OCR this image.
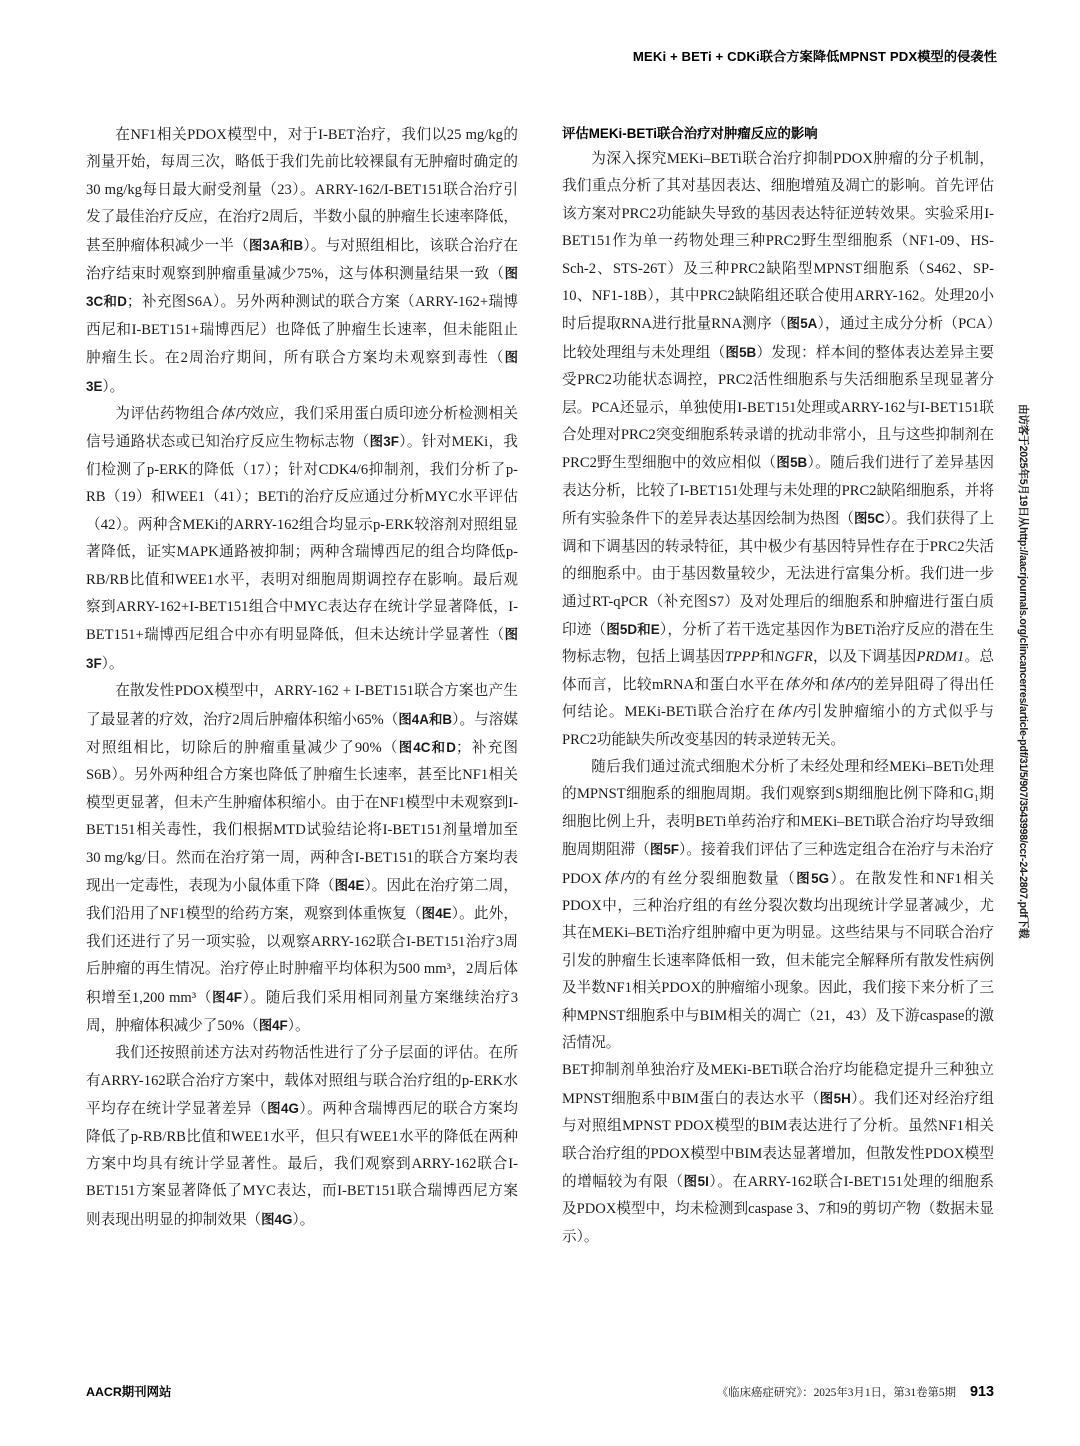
MEKi + BETi + CDKi联合方案降低MPNST PDX模型的侵袭性

在NF1相关PDOX模型中，对于I-BET治疗，我们以25 mg/kg的剂量开始，每周三次，略低于我们先前比较裸鼠有无肿瘤时确定的 30 mg/kg每日最大耐受剂量（23）。ARRY-162/I-BET151联合治疗引发了最佳治疗反应，在治疗2周后，半数小鼠的肿瘤生长速率降低，甚至肿瘤体积减少一半（图3A和B）。与对照组相比，该联合治疗在治疗结束时观察到肿瘤重量减少75%，这与体积测量结果一致（图3C和D；补充图S6A）。另外两种测试的联合方案（ARRY-162+瑞博西尼和I-BET151+瑞博西尼）也降低了肿瘤生长速率，但未能阻止肿瘤生长。在2周治疗期间，所有联合方案均未观察到毒性（图3E）。

为评估药物组合体内效应，我们采用蛋白质印迹分析检测相关信号通路状态或已知治疗反应生物标志物（图3F）。针对MEKi，我们检测了p-ERK的降低（17）；针对CDK4/6抑制剂，我们分析了p-RB（19）和WEE1（41）；BETi的治疗反应通过分析MYC水平评估（42）。两种含MEKi的ARRY-162组合均显示p-ERK较溶剂对照组显著降低，证实MAPK通路被抑制；两种含瑞博西尼的组合均降低p-RB/RB比值和WEE1水平，表明对细胞周期调控存在影响。最后观察到ARRY-162+I-BET151组合中MYC表达存在统计学显著降低，I-BET151+瑞博西尼组合中亦有明显降低，但未达统计学显著性（图3F）。

在散发性PDOX模型中，ARRY-162 + I-BET151联合方案也产生了最显著的疗效，治疗2周后肿瘤体积缩小65%（图4A和B）。与溶媒对照组相比，切除后的肿瘤重量减少了90%（图4C和D；补充图S6B）。另外两种组合方案也降低了肿瘤生长速率，甚至比NF1相关模型更显著，但未产生肿瘤体积缩小。由于在NF1模型中未观察到I-BET151相关毒性，我们根据MTD试验结论将I-BET151剂量增加至30 mg/kg/日。然而在治疗第一周，两种含I-BET151的联合方案均表现出一定毒性，表现为小鼠体重下降（图4E）。因此在治疗第二周，我们沿用了NF1模型的给药方案，观察到体重恢复（图4E）。此外，我们还进行了另一项实验，以观察ARRY-162联合I-BET151治疗3周后肿瘤的再生情况。治疗停止时肿瘤平均体积为500 mm³，2周后体积增至1,200 mm³（图4F）。随后我们采用相同剂量方案继续治疗3周，肿瘤体积减少了50%（图4F）。

我们还按照前述方法对药物活性进行了分子层面的评估。在所有ARRY-162联合治疗方案中，载体对照组与联合治疗组的p-ERK水平均存在统计学显著差异（图4G）。两种含瑞博西尼的联合方案均降低了p-RB/RB比值和WEE1水平，但只有WEE1水平的降低在两种方案中均具有统计学显著性。最后，我们观察到ARRY-162联合I-BET151方案显著降低了MYC表达，而I-BET151联合瑞博西尼方案则表现出明显的抑制效果（图4G）。

评估MEKi-BETi联合治疗对肿瘤反应的影响

为深入探究MEKi–BETi联合治疗抑制PDOX肿瘤的分子机制，我们重点分析了其对基因表达、细胞增殖及凋亡的影响。首先评估该方案对PRC2功能缺失导致的基因表达特征逆转效果。实验采用I-BET151作为单一药物处理三种PRC2野生型细胞系（NF1-09、HS-Sch-2、STS-26T）及三种PRC2缺陷型MPNST细胞系（S462、SP-10、NF1-18B），其中PRC2缺陷组还联合使用ARRY-162。处理20小时后提取RNA进行批量RNA测序（图5A），通过主成分分析（PCA）比较处理组与未处理组（图5B）发现：样本间的整体表达差异主要受PRC2功能状态调控，PRC2活性细胞系与失活细胞系呈现显著分层。PCA还显示，单独使用I-BET151处理或ARRY-162与I-BET151联合处理对PRC2突变细胞系转录谱的扰动非常小，且与这些抑制剂在PRC2野生型细胞中的效应相似（图5B）。随后我们进行了差异基因表达分析，比较了I-BET151处理与未处理的PRC2缺陷细胞系，并将所有实验条件下的差异表达基因绘制为热图（图5C）。我们获得了上调和下调基因的转录特征，其中极少有基因特异性存在于PRC2失活的细胞系中。由于基因数量较少，无法进行富集分析。我们进一步通过RT-qPCR（补充图S7）及对处理后的细胞系和肿瘤进行蛋白质印迹（图5D和E），分析了若干选定基因作为BETi治疗反应的潜在生物标志物，包括上调基因TPPP和NGFR，以及下调基因PRDM1。总体而言，比较mRNA和蛋白水平在体外和体内的差异阻碍了得出任何结论。MEKi-BETi联合治疗在体内引发肿瘤缩小的方式似乎与PRC2功能缺失所改变基因的转录逆转无关。

随后我们通过流式细胞术分析了未经处理和经MEKi–BETi处理的MPNST细胞系的细胞周期。我们观察到S期细胞比例下降和G₁期细胞比例上升，表明BETi单药治疗和MEKi–BETi联合治疗均导致细胞周期阻滞（图5F）。接着我们评估了三种选定组合在治疗与未治疗PDOX体内的有丝分裂细胞数量（图5G）。在散发性和NF1相关PDOX中，三种治疗组的有丝分裂次数均出现统计学显著减少，尤其在MEKi–BETi治疗组肿瘤中更为明显。这些结果与不同联合治疗引发的肿瘤生长速率降低相一致，但未能完全解释所有散发性病例及半数NF1相关PDOX的肿瘤缩小现象。因此，我们接下来分析了三种MPNST细胞系中与BIM相关的凋亡（21，43）及下游caspase的激活情况。

BET抑制剂单独治疗及MEKi-BETi联合治疗均能稳定提升三种独立MPNST细胞系中BIM蛋白的表达水平（图5H）。我们还对经治疗组与对照组MPNST PDOX模型的BIM表达进行了分析。虽然NF1相关联合治疗组的PDOX模型中BIM表达显著增加，但散发性PDOX模型的增幅较为有限（图5I）。在ARRY-162联合I-BET151处理的细胞系及PDOX模型中，均未检测到caspase 3、7和9的剪切产物（数据未显示）。

由访客于2025年5月19日从http://aacrjournals.org/clincancerres/article-pdf/31/5/907/3543998/ccr-24-2807.pdf下载
AACR期刊网站	《临床癌症研究》：2025年3月1日，第31卷第5期 913
